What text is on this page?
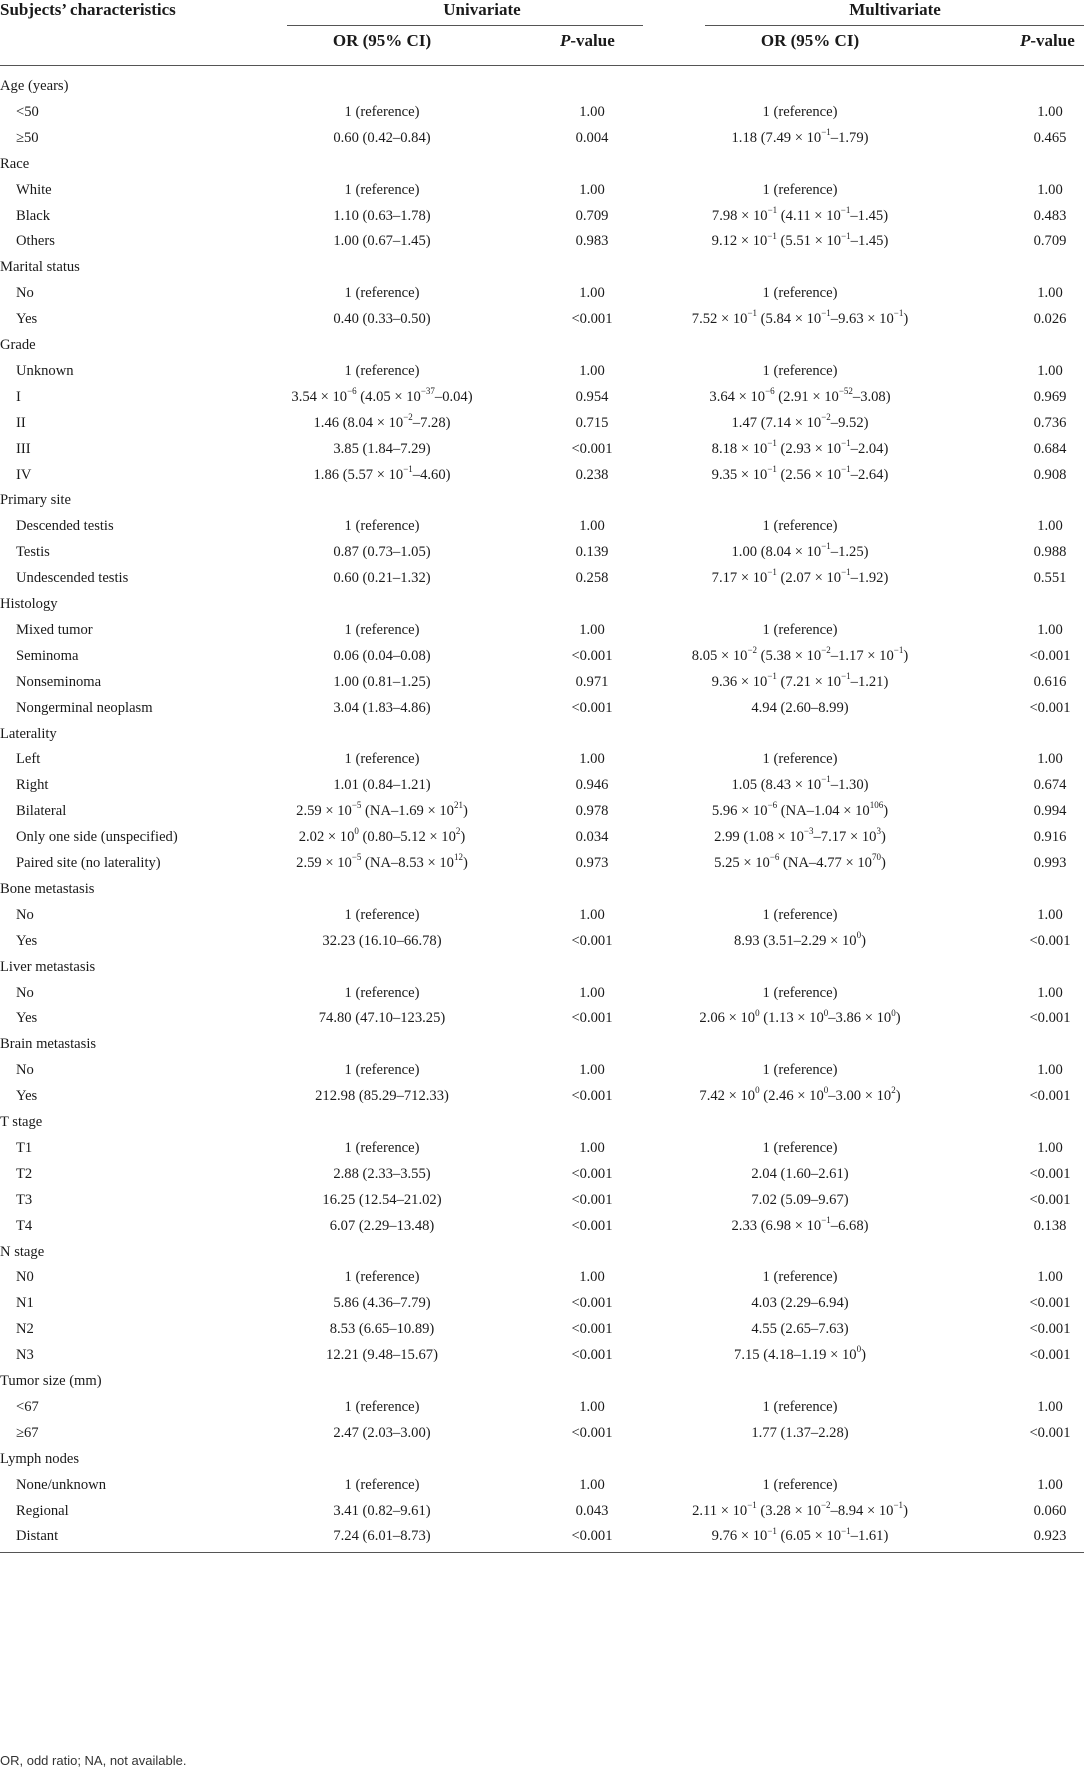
Subjects’ characteristics	Univariate	Multivariate
OR (95% CI)	P-value	OR (95% CI)	P-value
Age (years)
<50	1 (reference)	1.00	1 (reference)	1.00
≥50	0.60 (0.42–0.84)	0.004	1.18 $(7.49 \times 10^{-1}-1.79)$	0.465
Race
White	1 (reference)	1.00	1 (reference)	1.00
Black	1.10 (0.63–1.78)	0.709	$7.98 \times 10^{-1}$ $(4.11 \times 10^{-1}-1.45)$	0.483
Others	1.00 (0.67–1.45)	0.983	$9.12 \times 10^{-1}$ $(5.51 \times 10^{-1}-1.45)$	0.709
Marital status
No	1 (reference)	1.00	1 (reference)	1.00
Yes	0.40 (0.33–0.50)	<0.001	$7.52 \times 10^{-1}$ $(5.84 \times 10^{-1}-9.63 \times 10^{-1})$	0.026
Grade
Unknown	1 (reference)	1.00	1 (reference)	1.00
I	$3.54 \times 10^{-6}$ $(4.05 \times 10^{-37}-0.04)$	0.954	$3.64 \times 10^{-6}$ $(2.91 \times 10^{-52}-3.08)$	0.969
II	1.46 $(8.04 \times 10^{-2}-7.28)$	0.715	1.47 $(7.14 \times 10^{-2}-9.52)$	0.736
III	3.85 (1.84–7.29)	<0.001	$8.18 \times 10^{-1}$ $(2.93 \times 10^{-1}-2.04)$	0.684
IV	1.86 $(5.57 \times 10^{-1}-4.60)$	0.238	$9.35 \times 10^{-1}$ $(2.56 \times 10^{-1}-2.64)$	0.908
Primary site
Descended testis	1 (reference)	1.00	1 (reference)	1.00
Testis	0.87 (0.73–1.05)	0.139	1.00 $(8.04 \times 10^{-1}-1.25)$	0.988
Undescended testis	0.60 (0.21–1.32)	0.258	$7.17 \times 10^{-1}$ $(2.07 \times 10^{-1}-1.92)$	0.551
Histology
Mixed tumor	1 (reference)	1.00	1 (reference)	1.00
Seminoma	0.06 (0.04–0.08)	<0.001	$8.05 \times 10^{-2}$ $(5.38 \times 10^{-2}-1.17 \times 10^{-1})$	<0.001
Nonseminoma	1.00 (0.81–1.25)	0.971	$9.36 \times 10^{-1}$ $(7.21 \times 10^{-1}-1.21)$	0.616
Nongerminal neoplasm	3.04 (1.83–4.86)	<0.001	4.94 (2.60–8.99)	<0.001
Laterality
Left	1 (reference)	1.00	1 (reference)	1.00
Right	1.01 (0.84–1.21)	0.946	1.05 $(8.43 \times 10^{-1}-1.30)$	0.674
Bilateral	$2.59 \times 10^{-5}$ $(NA-1.69 \times 10^{21})$	0.978	$5.96 \times 10^{-6}$ $(NA-1.04 \times 10^{106})$	0.994
Only one side (unspecified)	$2.02 \times 10^0$ $(0.80-5.12 \times 10^2)$	0.034	2.99 $(1.08 \times 10^{-3}-7.17 \times 10^3)$	0.916
Paired site (no laterality)	$2.59 \times 10^{-5}$ $(NA-8.53 \times 10^{12})$	0.973	$5.25 \times 10^{-6}$ $(NA-4.77 \times 10^{70})$	0.993
Bone metastasis
No	1 (reference)	1.00	1 (reference)	1.00
Yes	32.23 (16.10–66.78)	<0.001	8.93 $(3.51-2.29 \times 10^0)$	<0.001
Liver metastasis
No	1 (reference)	1.00	1 (reference)	1.00
Yes	74.80 (47.10–123.25)	<0.001	$2.06 \times 10^0$ $(1.13 \times 10^0-3.86 \times 10^0)$	<0.001
Brain metastasis
No	1 (reference)	1.00	1 (reference)	1.00
Yes	212.98 (85.29–712.33)	<0.001	$7.42 \times 10^0$ $(2.46 \times 10^0-3.00 \times 10^2)$	<0.001
T stage
T1	1 (reference)	1.00	1 (reference)	1.00
T2	2.88 (2.33–3.55)	<0.001	2.04 (1.60–2.61)	<0.001
T3	16.25 (12.54–21.02)	<0.001	7.02 (5.09–9.67)	<0.001
T4	6.07 (2.29–13.48)	<0.001	2.33 $(6.98 \times 10^{-1}-6.68)$	0.138
N stage
N0	1 (reference)	1.00	1 (reference)	1.00
N1	5.86 (4.36–7.79)	<0.001	4.03 (2.29–6.94)	<0.001
N2	8.53 (6.65–10.89)	<0.001	4.55 (2.65–7.63)	<0.001
N3	12.21 (9.48–15.67)	<0.001	7.15 $(4.18-1.19 \times 10^0)$	<0.001
Tumor size (mm)
<67	1 (reference)	1.00	1 (reference)	1.00
≥67	2.47 (2.03–3.00)	<0.001	1.77 (1.37–2.28)	<0.001
Lymph nodes
None/unknown	1 (reference)	1.00	1 (reference)	1.00
Regional	3.41 (0.82–9.61)	0.043	$2.11 \times 10^{-1}$ $(3.28 \times 10^{-2}-8.94 \times 10^{-1})$	0.060
Distant	7.24 (6.01–8.73)	<0.001	$9.76 \times 10^{-1}$ $(6.05 \times 10^{-1}-1.61)$	0.923
OR, odd ratio; NA, not available.
